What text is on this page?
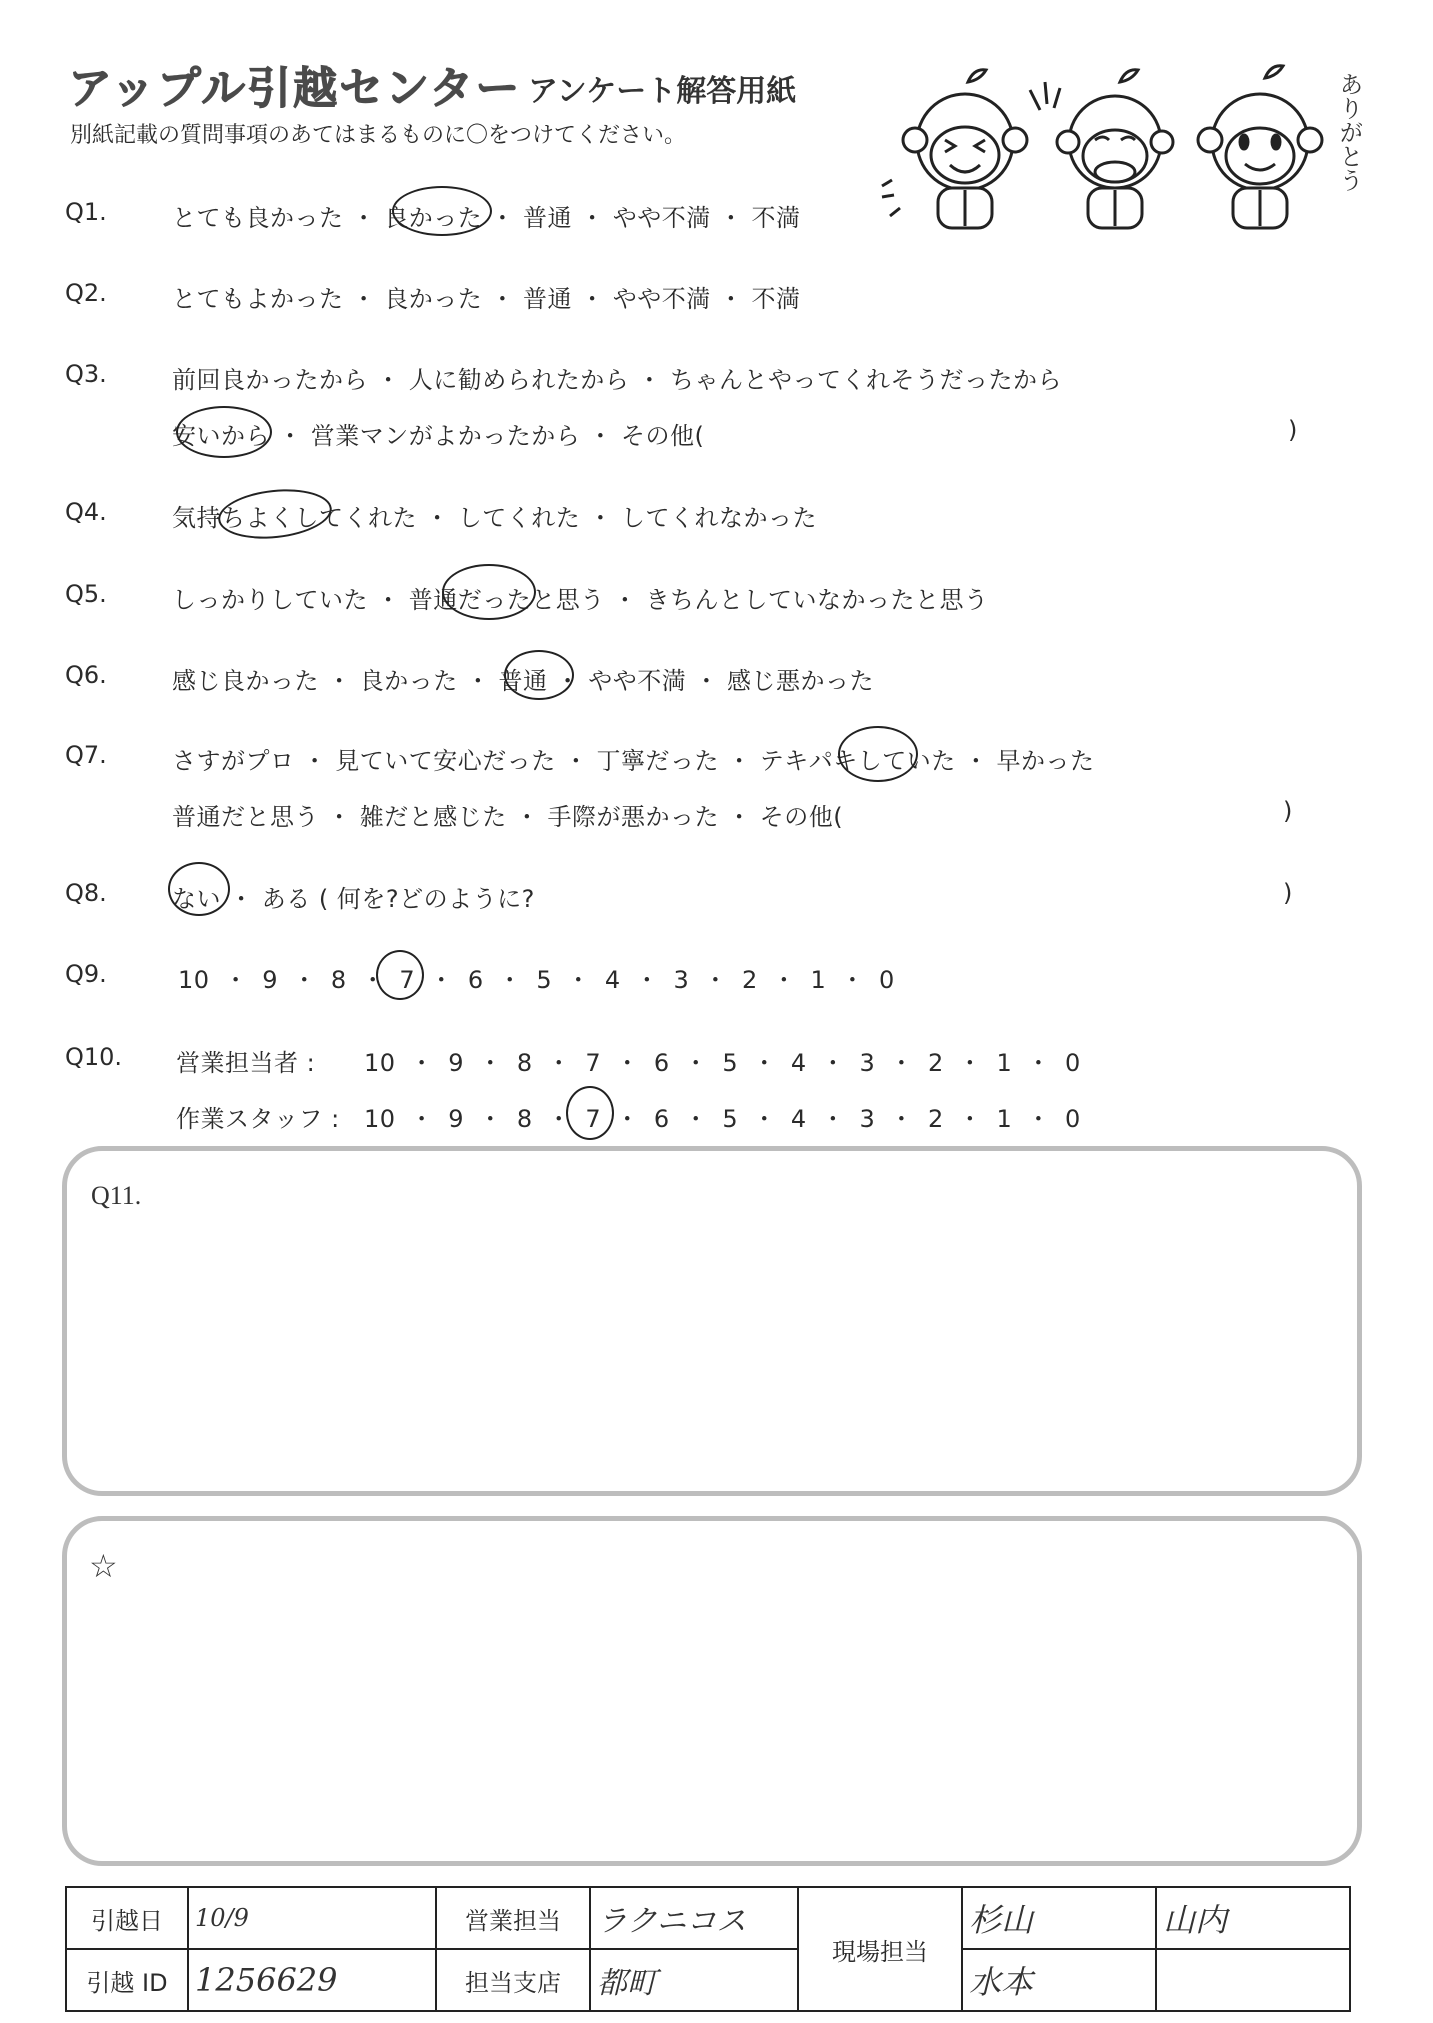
アップル引越センター アンケート解答用紙
別紙記載の質問事項のあてはまるものに〇をつけてください。	ありがとう
Q1.	とても良かった ・ 良かった ・ 普通 ・ やや不満 ・ 不満
Q2.	とてもよかった ・ 良かった ・ 普通 ・ やや不満 ・ 不満
Q3.	前回良かったから ・ 人に勧められたから ・ ちゃんとやってくれそうだったから
安いから ・ 営業マンがよかったから ・ その他(	)
Q4.	気持ちよくしてくれた ・ してくれた ・ してくれなかった
Q5.	しっかりしていた ・ 普通だったと思う ・ きちんとしていなかったと思う
Q6.	感じ良かった ・ 良かった ・ 普通 ・ やや不満 ・ 感じ悪かった
Q7.	さすがプロ ・ 見ていて安心だった ・ 丁寧だった ・ テキパキしていた ・ 早かった
普通だと思う ・ 雑だと感じた ・ 手際が悪かった ・ その他(	)
Q8.	ない ・ ある ( 何を?どのように?	)
Q9.	10 ・ 9 ・ 8 ・ 7 ・ 6 ・ 5 ・ 4 ・ 3 ・ 2 ・ 1 ・ 0
Q10. 営業担当者 : 10 ・ 9 ・ 8 ・ 7 ・ 6 ・ 5 ・ 4 ・ 3 ・ 2 ・ 1 ・ 0
作業スタッフ : 10 ・ 9 ・ 8 ・ 7 ・ 6 ・ 5 ・ 4 ・ 3 ・ 2 ・ 1 ・ 0
Q11.
☆
引越日	10/9	営業担当	ラクニコス	現場担当	杉山	山内
引越 ID	1256629	担当支店	都町		水本	
